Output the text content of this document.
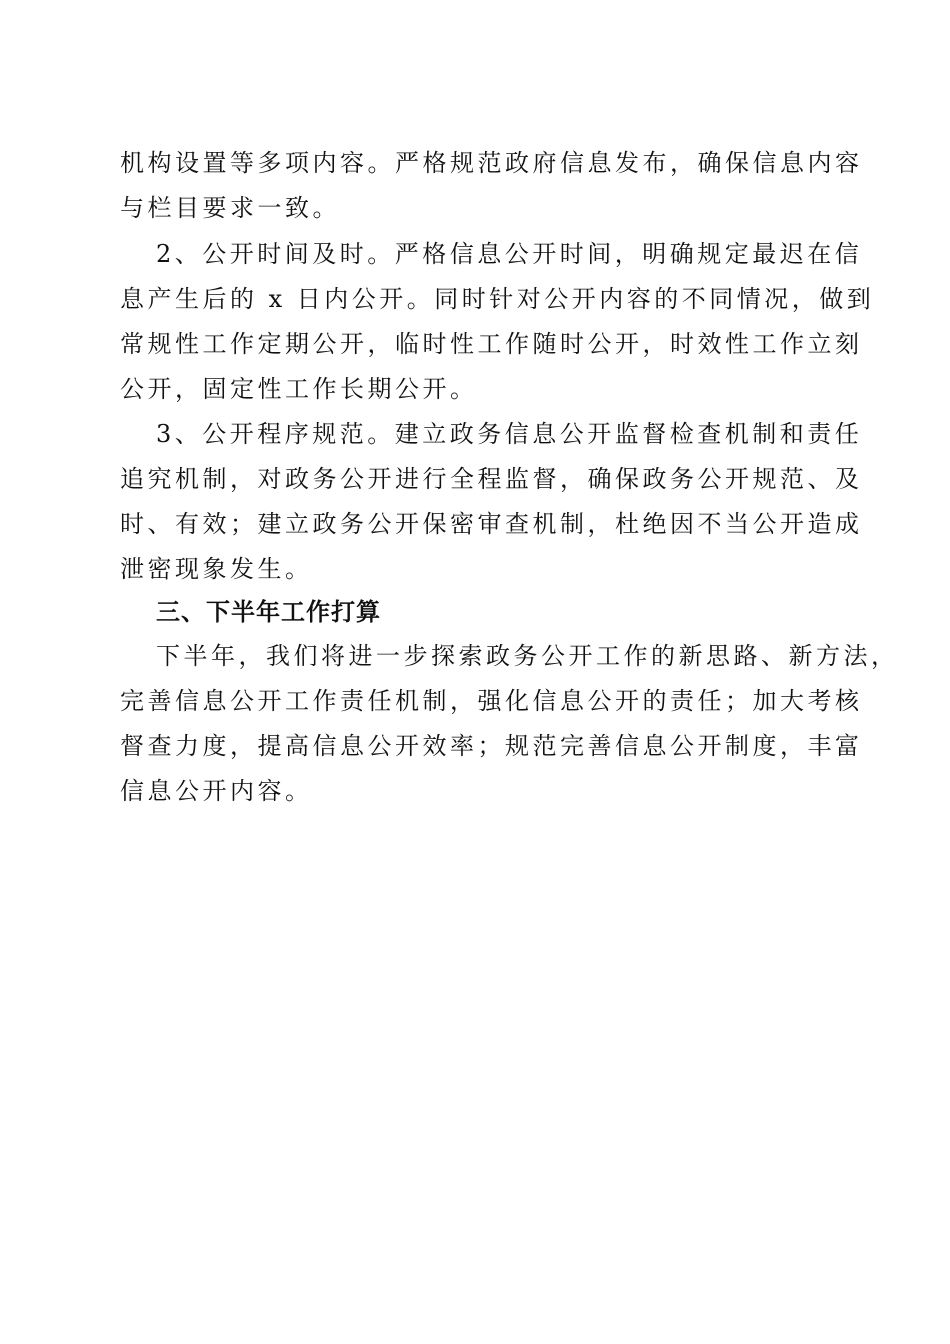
机构设置等多项内容。严格规范政府信息发布，确保信息内容
与栏目要求一致。
2、公开时间及时。严格信息公开时间，明确规定最迟在信
息产生后的 x 日内公开。同时针对公开内容的不同情况，做到
常规性工作定期公开，临时性工作随时公开，时效性工作立刻
公开，固定性工作长期公开。
3、公开程序规范。建立政务信息公开监督检查机制和责任
追究机制，对政务公开进行全程监督，确保政务公开规范、及
时、有效；建立政务公开保密审查机制，杜绝因不当公开造成
泄密现象发生。
三、下半年工作打算
下半年，我们将进一步探索政务公开工作的新思路、新方法，
完善信息公开工作责任机制，强化信息公开的责任；加大考核
督查力度，提高信息公开效率；规范完善信息公开制度，丰富
信息公开内容。
